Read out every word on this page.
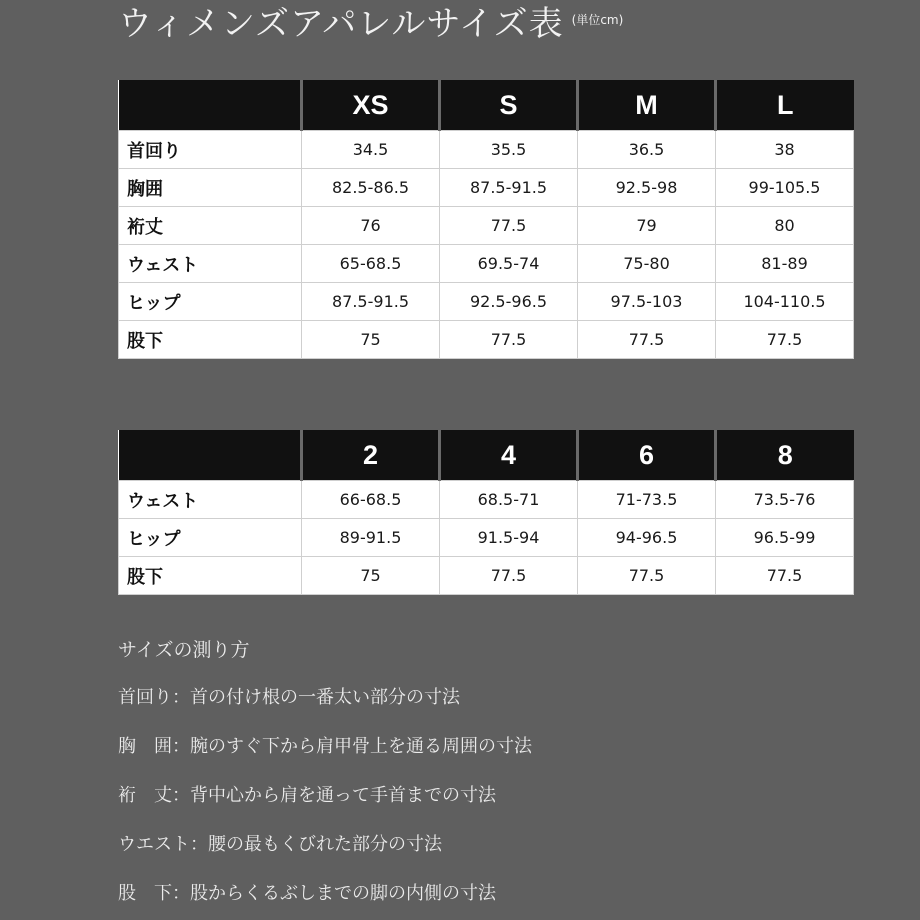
ウィメンズアパレルサイズ表 (単位cm)
	XS	S	M	L
首回り	34.5	35.5	36.5	38
胸囲	82.5-86.5	87.5-91.5	92.5-98	99-105.5
裄丈	76	77.5	79	80
ウェスト	65-68.5	69.5-74	75-80	81-89
ヒップ	87.5-91.5	92.5-96.5	97.5-103	104-110.5
股下	75	77.5	77.5	77.5
	2	4	6	8
ウェスト	66-68.5	68.5-71	71-73.5	73.5-76
ヒップ	89-91.5	91.5-94	94-96.5	96.5-99
股下	75	77.5	77.5	77.5
サイズの測り方
首回り：首の付け根の一番太い部分の寸法
胸　囲：腕のすぐ下から肩甲骨上を通る周囲の寸法
裄　丈：背中心から肩を通って手首までの寸法
ウエスト：腰の最もくびれた部分の寸法
股　下：股からくるぶしまでの脚の内側の寸法
